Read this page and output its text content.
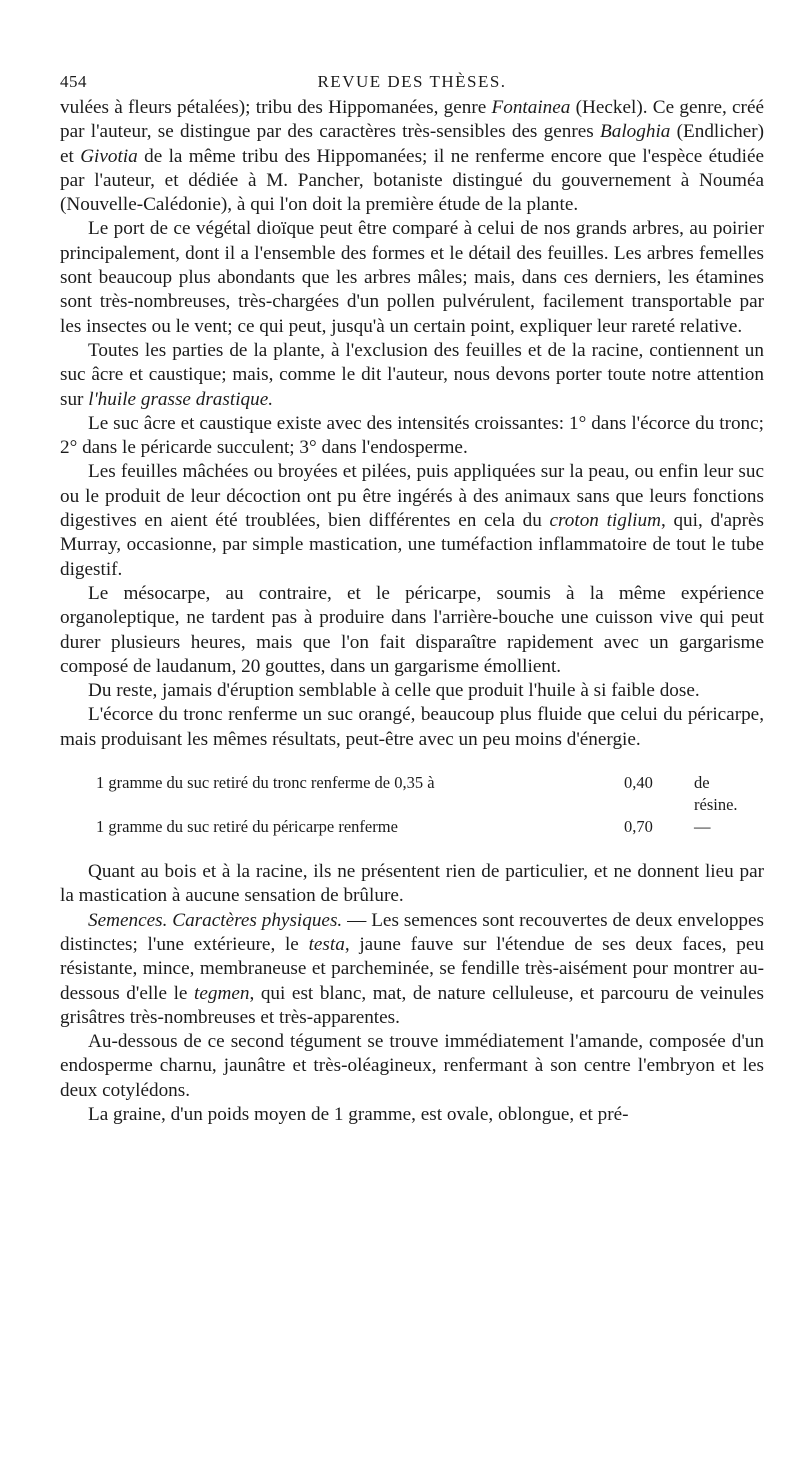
454	REVUE DES THÈSES.

vulées à fleurs pétalées); tribu des Hippomanées, genre Fontainea (Heckel). Ce genre, créé par l'auteur, se distingue par des caractères très-sensibles des genres Baloghia (Endlicher) et Givotia de la même tribu des Hippomanées; il ne renferme encore que l'espèce étudiée par l'auteur, et dédiée à M. Pancher, botaniste distingué du gouvernement à Nouméa (Nouvelle-Calédonie), à qui l'on doit la première étude de la plante.

Le port de ce végétal dioïque peut être comparé à celui de nos grands arbres, au poirier principalement, dont il a l'ensemble des formes et le détail des feuilles. Les arbres femelles sont beaucoup plus abondants que les arbres mâles; mais, dans ces derniers, les étamines sont très-nombreuses, très-chargées d'un pollen pulvérulent, facilement transportable par les insectes ou le vent; ce qui peut, jusqu'à un certain point, expliquer leur rareté relative.

Toutes les parties de la plante, à l'exclusion des feuilles et de la racine, contiennent un suc âcre et caustique; mais, comme le dit l'auteur, nous devons porter toute notre attention sur l'huile grasse drastique.

Le suc âcre et caustique existe avec des intensités croissantes: 1° dans l'écorce du tronc; 2° dans le péricarde succulent; 3° dans l'endosperme.

Les feuilles mâchées ou broyées et pilées, puis appliquées sur la peau, ou enfin leur suc ou le produit de leur décoction ont pu être ingérés à des animaux sans que leurs fonctions digestives en aient été troublées, bien différentes en cela du croton tiglium, qui, d'après Murray, occasionne, par simple mastication, une tuméfaction inflammatoire de tout le tube digestif.

Le mésocarpe, au contraire, et le péricarpe, soumis à la même expérience organoleptique, ne tardent pas à produire dans l'arrière-bouche une cuisson vive qui peut durer plusieurs heures, mais que l'on fait disparaître rapidement avec un gargarisme composé de laudanum, 20 gouttes, dans un gargarisme émollient.

Du reste, jamais d'éruption semblable à celle que produit l'huile à si faible dose.

L'écorce du tronc renferme un suc orangé, beaucoup plus fluide que celui du péricarpe, mais produisant les mêmes résultats, peut-être avec un peu moins d'énergie.

1 gramme du suc retiré du tronc renferme de 0,35 à	0,40	de résine.
1 gramme du suc retiré du péricarpe renferme	0,70	—

Quant au bois et à la racine, ils ne présentent rien de particulier, et ne donnent lieu par la mastication à aucune sensation de brûlure.

Semences. Caractères physiques. — Les semences sont recouvertes de deux enveloppes distinctes; l'une extérieure, le testa, jaune fauve sur l'étendue de ses deux faces, peu résistante, mince, membraneuse et parcheminée, se fendille très-aisément pour montrer au-dessous d'elle le tegmen, qui est blanc, mat, de nature celluleuse, et parcouru de veinules grisâtres très-nombreuses et très-apparentes.

Au-dessous de ce second tégument se trouve immédiatement l'amande, composée d'un endosperme charnu, jaunâtre et très-oléagineux, renfermant à son centre l'embryon et les deux cotylédons.

La graine, d'un poids moyen de 1 gramme, est ovale, oblongue, et pré-
